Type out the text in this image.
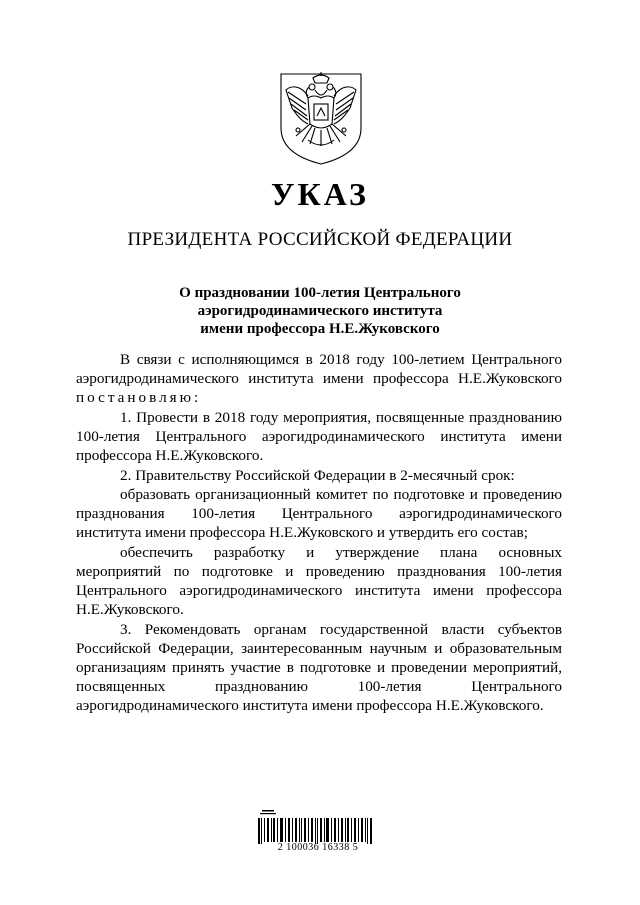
УКАЗ
ПРЕЗИДЕНТА РОССИЙСКОЙ ФЕДЕРАЦИИ
О праздновании 100-летия Центрального
аэрогидродинамического института
имени профессора Н.Е.Жуковского

В связи с исполняющимся в 2018 году 100-летием Центрального аэрогидродинамического института имени профессора Н.Е.Жуковского постановляю:

1. Провести в 2018 году мероприятия, посвященные празднованию 100-летия Центрального аэрогидродинамического института имени профессора Н.Е.Жуковского.

2. Правительству Российской Федерации в 2-месячный срок:

образовать организационный комитет по подготовке и проведению празднования 100-летия Центрального аэрогидродинамического института имени профессора Н.Е.Жуковского и утвердить его состав;

обеспечить разработку и утверждение плана основных мероприятий по подготовке и проведению празднования 100-летия Центрального аэрогидродинамического института имени профессора Н.Е.Жуковского.

3. Рекомендовать органам государственной власти субъектов Российской Федерации, заинтересованным научным и образовательным организациям принять участие в подготовке и проведении мероприятий, посвященных празднованию 100-летия Центрального аэрогидродинамического института имени профессора Н.Е.Жуковского.

2 100036 16338 5
